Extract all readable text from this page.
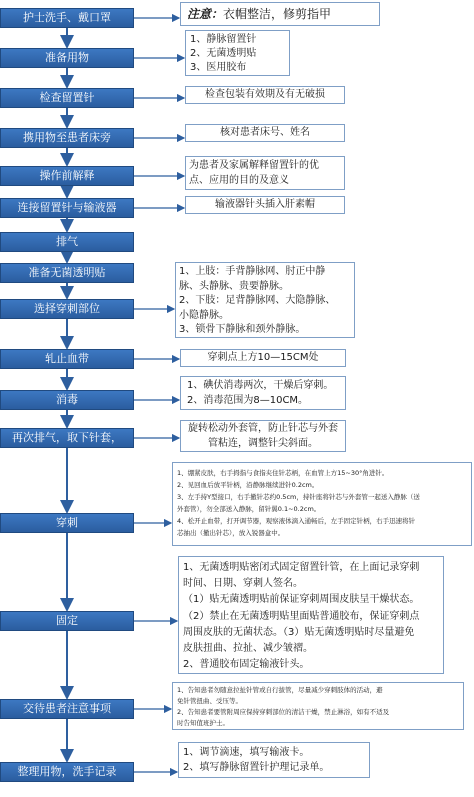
护士洗手、戴口罩
准备用物
检查留置针
携用物至患者床旁
操作前解释
连接留置针与输液器
排气
准备无菌透明贴
选择穿刺部位
轧止血带
消毒
再次排气，取下针套，
穿刺
固定
交待患者注意事项
整理用物，洗手记录
注意：衣帽整洁，修剪指甲
1、静脉留置针
2、无菌透明贴
3、医用胶布
检查包装有效期及有无破损
核对患者床号、姓名
为患者及家属解释留置针的优
点、应用的目的及意义
输液器针头插入肝素帽
1、上肢：手背静脉网、肘正中静
脉、头静脉、贵要静脉。
2、下肢：足背静脉网、大隐静脉、
小隐静脉。
3、锁骨下静脉和颈外静脉。
穿刺点上方10—15CM处
1、碘伏消毒两次，干燥后穿刺。
2、消毒范围为8—10CM。
旋转松动外套管，防止针芯与外套
管粘连，调整针尖斜面。
1、绷紧皮肤，右手拇指与食指夹住针芯柄，在血管上方15~30°角进针。
2、见回血后放平针柄，沿静脉继续进针0.2cm。
3、左手持Y型接口，右手撤针芯约0.5cm，持针座将针芯与外套管一起送入静脉（送
外套管），勿全部送入静脉，留针翼0.1~0.2cm。
4、松开止血带，打开调节器，观察液体滴入通畅后，左手固定针柄，右手迅速将针
芯抽出（撤出针芯），放入锐器盒中。
1、无菌透明贴密闭式固定留置针管，在上面记录穿刺
时间、日期、穿刺人签名。
（1）贴无菌透明贴前保证穿刺周围皮肤呈干燥状态。
（2）禁止在无菌透明贴里面贴普通胶布，保证穿刺点
周围皮肤的无菌状态。（3）贴无菌透明贴时尽量避免
皮肤扭曲、拉扯、减少皱褶。
2、普通胶布固定输液针头。
1、告知患者勿随意拉扯针管或自行拔管，尽量减少穿刺肢体的活动，避
免针管扭曲、受压等。
2、告知患者要管附周应保持穿刺部位的清洁干燥，禁止淋浴，如有不适及
时告知值班护士。
1、调节滴速，填写输液卡。
2、填写静脉留置针护理记录单。
